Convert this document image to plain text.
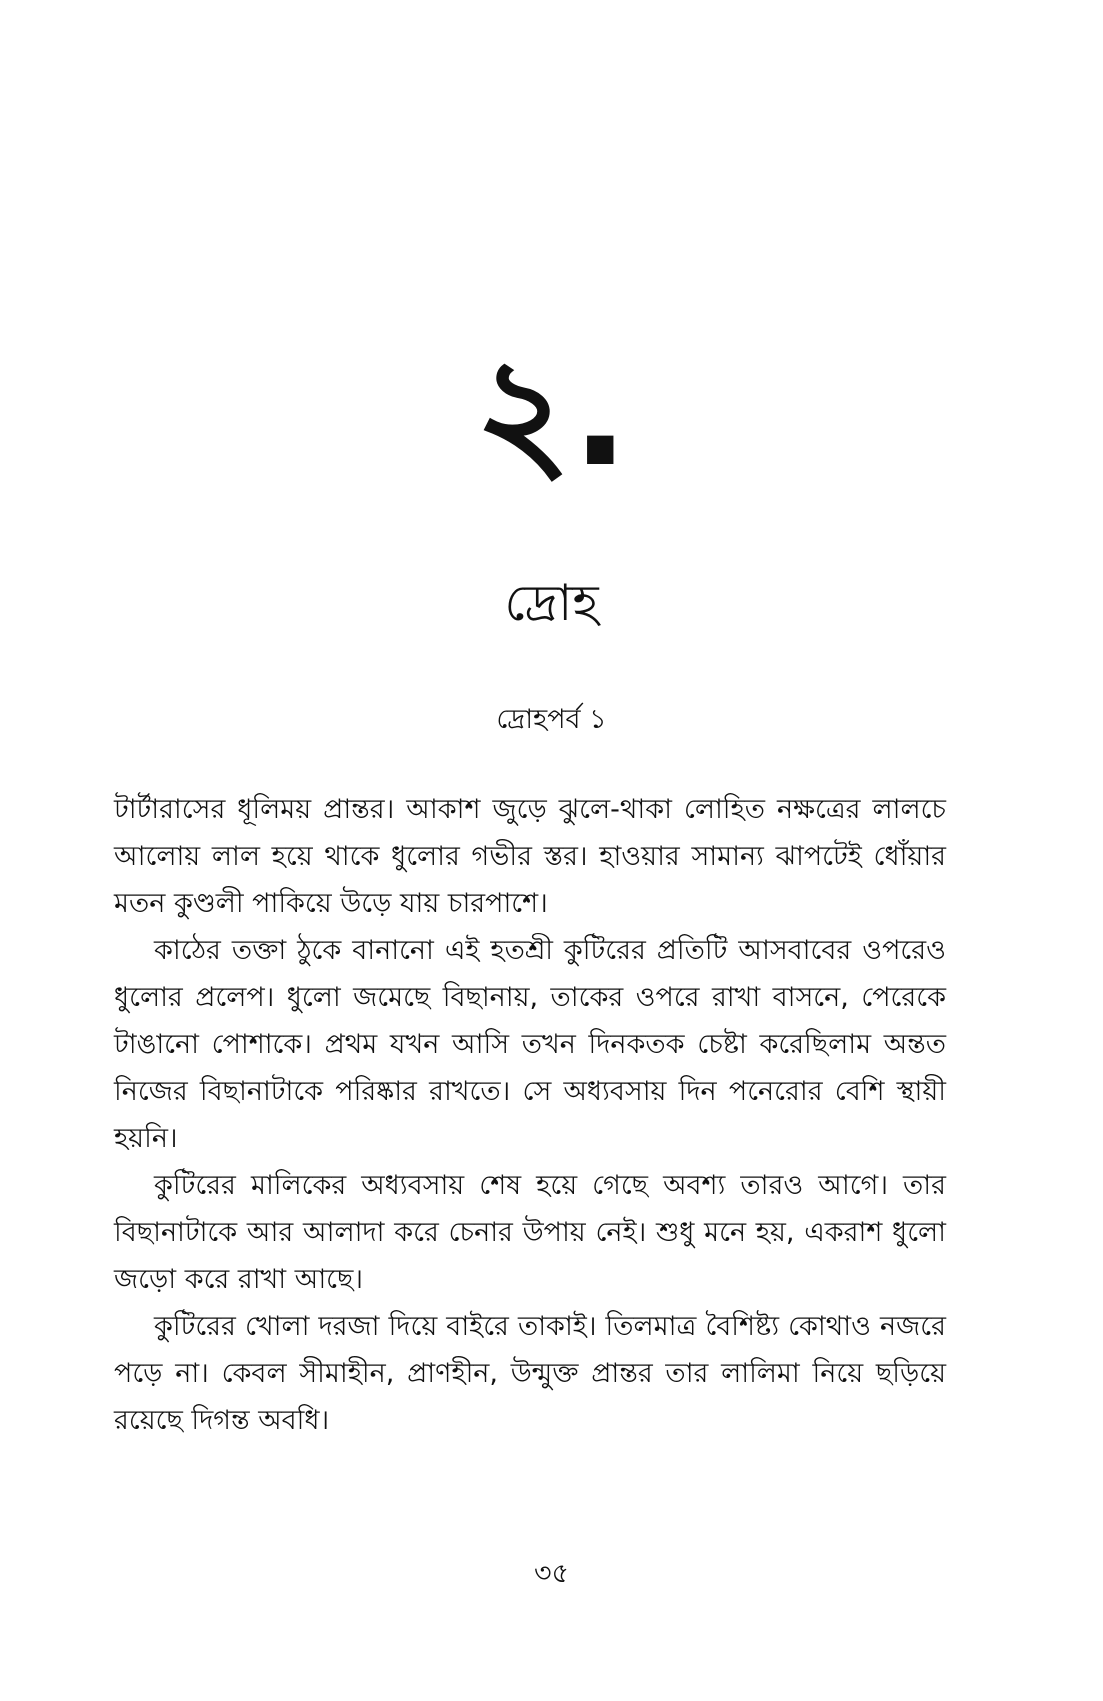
২.
দ্রোহ
দ্রোহপর্ব ১

টার্টারাসের ধূলিময় প্রান্তর। আকাশ জুড়ে ঝুলে-থাকা লোহিত নক্ষত্রের লালচে আলোয় লাল হয়ে থাকে ধুলোর গভীর স্তর। হাওয়ার সামান্য ঝাপটেই ধোঁয়ার মতন কুণ্ডলী পাকিয়ে উড়ে যায় চারপাশে।

কাঠের তক্তা ঠুকে বানানো এই হতশ্রী কুটিরের প্রতিটি আসবাবের ওপরেও ধুলোর প্রলেপ। ধুলো জমেছে বিছানায়, তাকের ওপরে রাখা বাসনে, পেরেকে টাঙানো পোশাকে। প্রথম যখন আসি তখন দিনকতক চেষ্টা করেছিলাম অন্তত নিজের বিছানাটাকে পরিষ্কার রাখতে। সে অধ্যবসায় দিন পনেরোর বেশি স্থায়ী হয়নি।

কুটিরের মালিকের অধ্যবসায় শেষ হয়ে গেছে অবশ্য তারও আগে। তার বিছানাটাকে আর আলাদা করে চেনার উপায় নেই। শুধু মনে হয়, একরাশ ধুলো জড়ো করে রাখা আছে।

কুটিরের খোলা দরজা দিয়ে বাইরে তাকাই। তিলমাত্র বৈশিষ্ট্য কোথাও নজরে পড়ে না। কেবল সীমাহীন, প্রাণহীন, উন্মুক্ত প্রান্তর তার লালিমা নিয়ে ছড়িয়ে রয়েছে দিগন্ত অবধি।

৩৫
